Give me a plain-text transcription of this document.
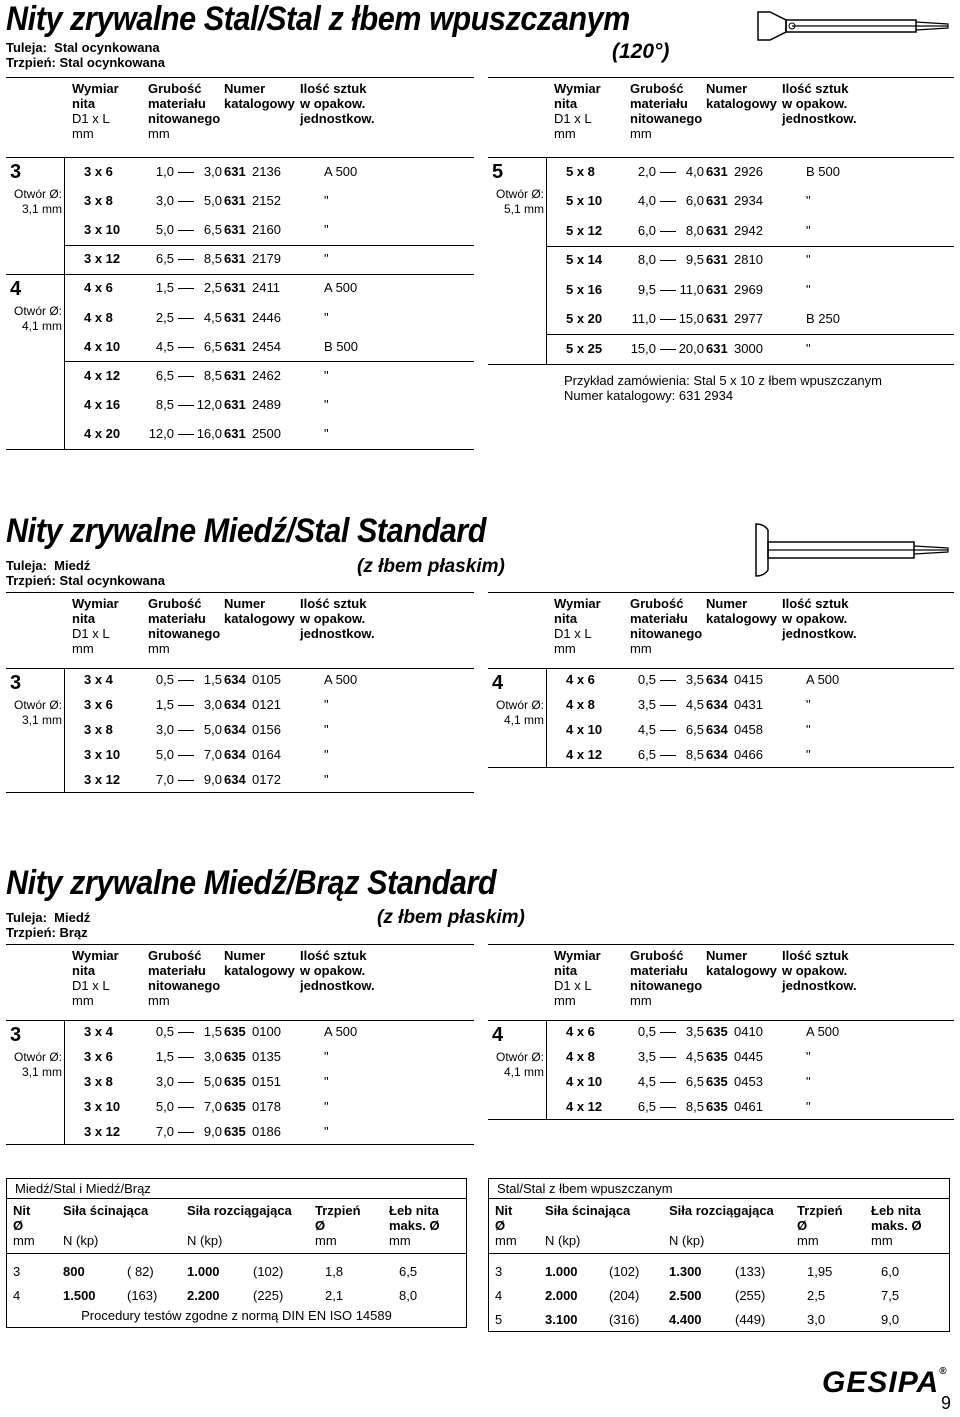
Nity zrywalne Stal/Stal z łbem wpuszczanym
(120°)
Tuleja: Stal ocynkowana
Trzpień: Stal ocynkowana
Wymiar
nita
D1 x L
mm
Grubość
materiału
nitowanego
mm
Numer
katalogowy
Ilość sztuk
w opakow.
jednostkow.
3
Otwór Ø:
3,1 mm
3 x 6	1,0	3,0 631 2136	A 500
3 x 8	3,0	5,0 631 2152	"
3 x 10	5,0	6,5 631 2160	"
3 x 12	6,5	8,5 631 2179	"
4
Otwór Ø:
4,1 mm
4 x 6	1,5	2,5 631 2411	A 500
4 x 8	2,5	4,5 631 2446	"
4 x 10	4,5	6,5 631 2454	B 500
4 x 12	6,5	8,5 631 2462	"
4 x 16	8,5 12,0 631 2489	"
4 x 20 12,0 16,0 631 2500	"
Wymiar
nita
D1 x L
mm
Grubość
materiału
nitowanego
mm
Numer
katalogowy
Ilość sztuk
w opakow.
jednostkow.
5
Otwór Ø:
5,1 mm
5 x 8	2,0	4,0 631 2926	B 500
5 x 10	4,0	6,0 631 2934	"
5 x 12	6,0	8,0 631 2942	"
5 x 14	8,0	9,5 631 2810	"
5 x 16	9,5 11,0 631 2969	"
5 x 20 11,0 15,0 631 2977	B 250
5 x 25 15,0 20,0 631 3000	"
Przykład zamówienia: Stal 5 x 10 z łbem wpuszczanym
Numer katalogowy: 631 2934
Nity zrywalne Miedź/Stal Standard
(z łbem płaskim)
Tuleja: Miedź
Trzpień: Stal ocynkowana
Wymiar
nita
D1 x L
mm
Grubość
materiału
nitowanego
mm
Numer
katalogowy
Ilość sztuk
w opakow.
jednostkow.
3
Otwór Ø:
3,1 mm
3 x 4	0,5	1,5 634 0105	A 500
3 x 6	1,5	3,0 634 0121	"
3 x 8	3,0	5,0 634 0156	"
3 x 10	5,0	7,0 634 0164	"
3 x 12	7,0	9,0 634 0172	"
Wymiar
nita
D1 x L
mm
Grubość
materiału
nitowanego
mm
Numer
katalogowy
Ilość sztuk
w opakow.
jednostkow.
4
Otwór Ø:
4,1 mm
4 x 6	0,5	3,5 634 0415	A 500
4 x 8	3,5	4,5 634 0431	"
4 x 10	4,5	6,5 634 0458	"
4 x 12	6,5	8,5 634 0466	"
Nity zrywalne Miedź/Brąz Standard
(z łbem płaskim)
Tuleja: Miedź
Trzpień: Brąz
Wymiar
nita
D1 x L
mm
Grubość
materiału
nitowanego
mm
Numer
katalogowy
Ilość sztuk
w opakow.
jednostkow.
3
Otwór Ø:
3,1 mm
3 x 4	0,5	1,5 635 0100	A 500
3 x 6	1,5	3,0 635 0135	"
3 x 8	3,0	5,0 635 0151	"
3 x 10	5,0	7,0 635 0178	"
3 x 12	7,0	9,0 635 0186	"
Wymiar
nita
D1 x L
mm
Grubość
materiału
nitowanego
mm
Numer
katalogowy
Ilość sztuk
w opakow.
jednostkow.
4
Otwór Ø:
4,1 mm
4 x 6	0,5	3,5 635 0410	A 500
4 x 8	3,5	4,5 635 0445	"
4 x 10	4,5	6,5 635 0453	"
4 x 12	6,5	8,5 635 0461	"
Miedź/Stal i Miedź/Brąz
Nit
Ø
mm
Siła ścinająca
N (kp)
Siła rozciągająca
N (kp)
Trzpień
Ø
mm
Łeb nita
maks. Ø
mm
3	800	( 82)	1.000	(102)	1,8	6,5
4	1.500 (163) 2.200	(225)	2,1	8,0
Procedury testów zgodne z normą DIN EN ISO 14589
Stal/Stal z łbem wpuszczanym
Nit
Ø
mm
Siła ścinająca
N (kp)
Siła rozciągająca
N (kp)
Trzpień
Ø
mm
Łeb nita
maks. Ø
mm
3	1.000 (102) 1.300	(133)	1,95	6,0
4	2.000 (204) 2.500	(255)	2,5	7,5
5	3.100 (316) 4.400	(449)	3,0	9,0
GESIPA®
9
